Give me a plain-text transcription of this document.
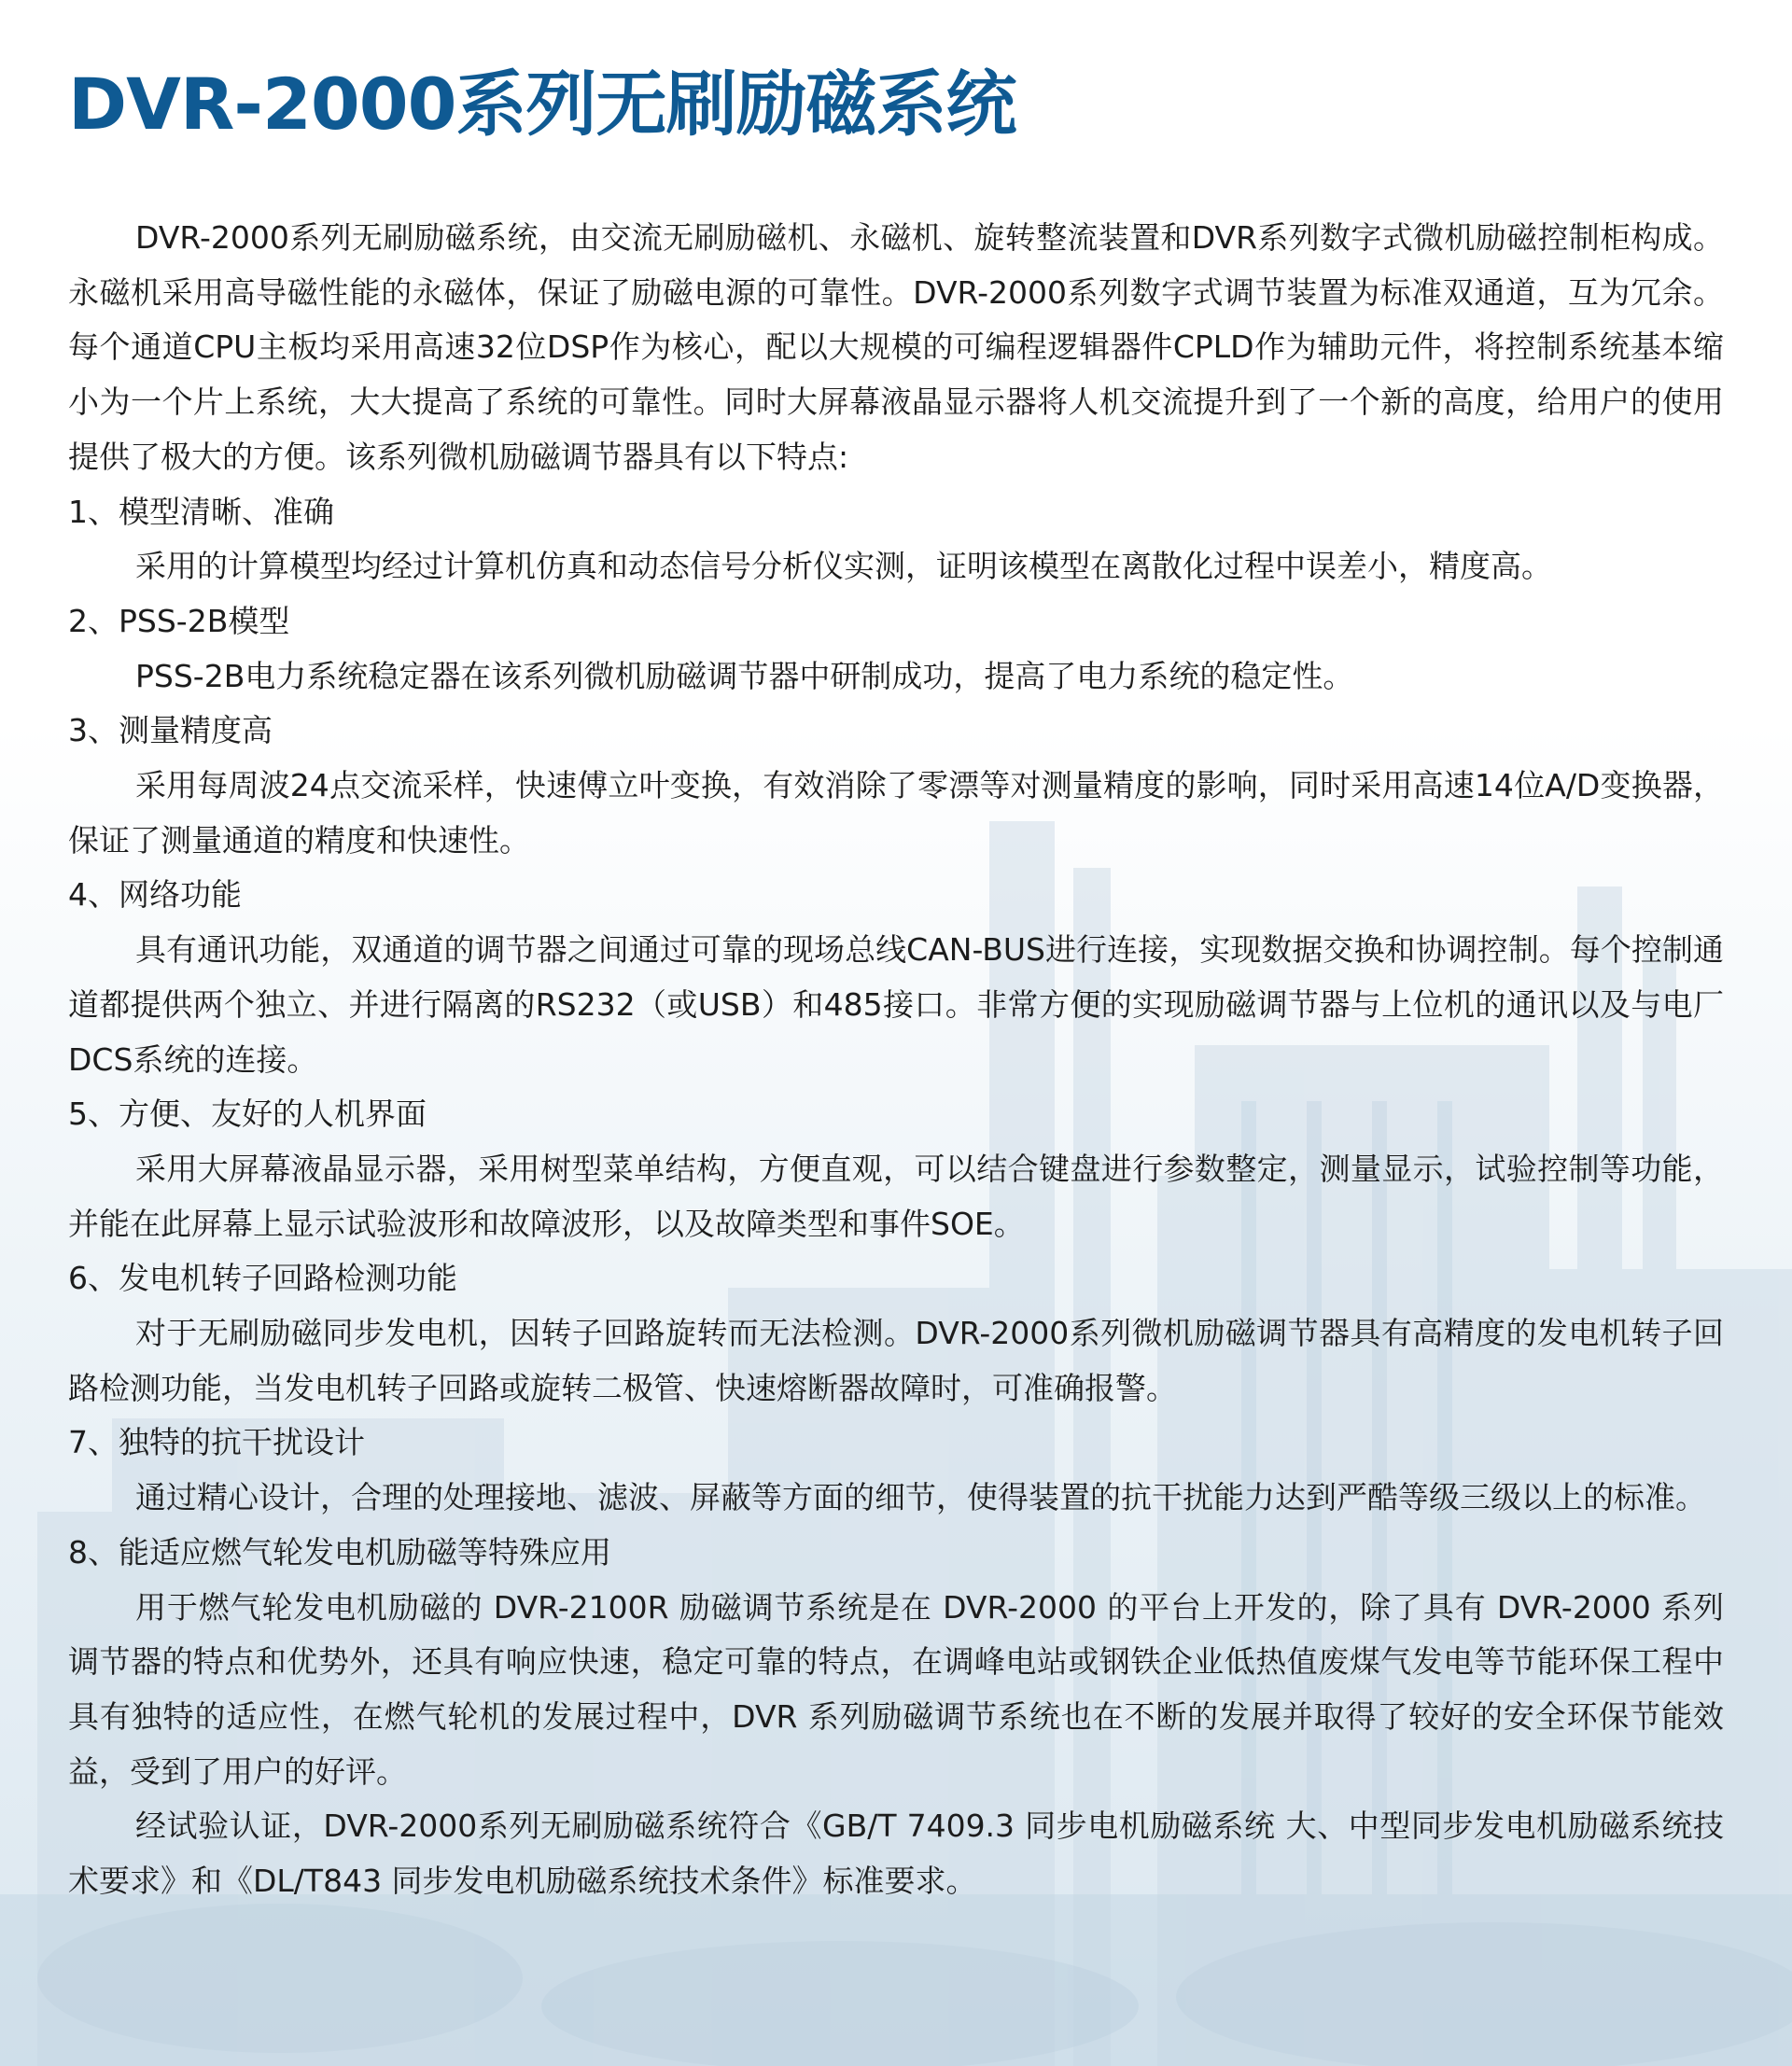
DVR-2000系列无刷励磁系统

DVR-2000系列无刷励磁系统，由交流无刷励磁机、永磁机、旋转整流装置和DVR系列数字式微机励磁控制柜构成。永磁机采用高导磁性能的永磁体，保证了励磁电源的可靠性。DVR-2000系列数字式调节装置为标准双通道，互为冗余。每个通道CPU主板均采用高速32位DSP作为核心，配以大规模的可编程逻辑器件CPLD作为辅助元件，将控制系统基本缩小为一个片上系统，大大提高了系统的可靠性。同时大屏幕液晶显示器将人机交流提升到了一个新的高度，给用户的使用提供了极大的方便。该系列微机励磁调节器具有以下特点:

1、模型清晰、准确

采用的计算模型均经过计算机仿真和动态信号分析仪实测，证明该模型在离散化过程中误差小，精度高。

2、PSS-2B模型

PSS-2B电力系统稳定器在该系列微机励磁调节器中研制成功，提高了电力系统的稳定性。

3、测量精度高

采用每周波24点交流采样，快速傅立叶变换，有效消除了零漂等对测量精度的影响，同时采用高速14位A/D变换器，保证了测量通道的精度和快速性。

4、网络功能

具有通讯功能，双通道的调节器之间通过可靠的现场总线CAN-BUS进行连接，实现数据交换和协调控制。每个控制通道都提供两个独立、并进行隔离的RS232（或USB）和485接口。非常方便的实现励磁调节器与上位机的通讯以及与电厂DCS系统的连接。

5、方便、友好的人机界面

采用大屏幕液晶显示器，采用树型菜单结构，方便直观，可以结合键盘进行参数整定，测量显示，试验控制等功能，并能在此屏幕上显示试验波形和故障波形，以及故障类型和事件SOE。

6、发电机转子回路检测功能

对于无刷励磁同步发电机，因转子回路旋转而无法检测。DVR-2000系列微机励磁调节器具有高精度的发电机转子回路检测功能，当发电机转子回路或旋转二极管、快速熔断器故障时，可准确报警。

7、独特的抗干扰设计

通过精心设计，合理的处理接地、滤波、屏蔽等方面的细节，使得装置的抗干扰能力达到严酷等级三级以上的标准。

8、能适应燃气轮发电机励磁等特殊应用

用于燃气轮发电机励磁的 DVR-2100R 励磁调节系统是在 DVR-2000 的平台上开发的，除了具有 DVR-2000 系列调节器的特点和优势外，还具有响应快速，稳定可靠的特点，在调峰电站或钢铁企业低热值废煤气发电等节能环保工程中具有独特的适应性，在燃气轮机的发展过程中，DVR 系列励磁调节系统也在不断的发展并取得了较好的安全环保节能效益，受到了用户的好评。

经试验认证，DVR-2000系列无刷励磁系统符合《GB/T 7409.3 同步电机励磁系统 大、中型同步发电机励磁系统技术要求》和《DL/T843 同步发电机励磁系统技术条件》标准要求。
